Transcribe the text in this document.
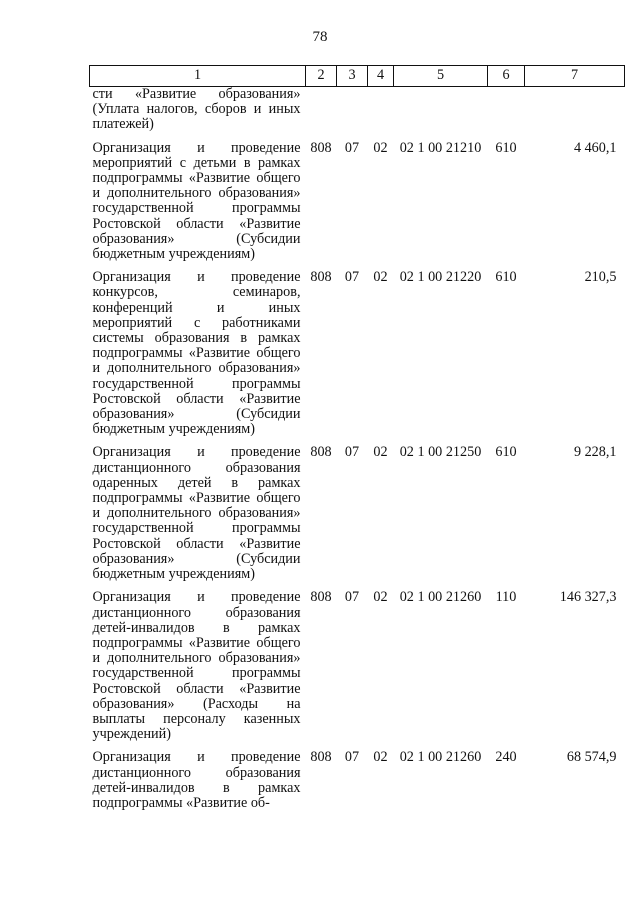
78
1	2	3	4	5	6	7
сти «Развитие образования» (Уплата налогов, сборов и иных платежей)						

Организация и проведение мероприятий с детьми в рамках подпрограммы «Развитие общего и дополнительного образования» государственной программы Ростовской области «Развитие образования» (Субсидии бюджетным учреждениям)	808	07	02	02 1 00 21210	610	4 460,1

Организация и проведение конкурсов, семинаров, конференций и иных мероприятий с работниками системы образования в рамках подпрограммы «Развитие общего и дополнительного образования» государственной программы Ростовской области «Развитие образования» (Субсидии бюджетным учреждениям)	808	07	02	02 1 00 21220	610	210,5

Организация и проведение дистанционного образования одаренных детей в рамках подпрограммы «Развитие общего и дополнительного образования» государственной программы Ростовской области «Развитие образования» (Субсидии бюджетным учреждениям)	808	07	02	02 1 00 21250	610	9 228,1

Организация и проведение дистанционного образования детей-инвалидов в рамках подпрограммы «Развитие общего и дополнительного образования» государственной программы Ростовской области «Развитие образования» (Расходы на выплаты персоналу казенных учреждений)	808	07	02	02 1 00 21260	110	146 327,3

Организация и проведение дистанционного образования детей-инвалидов в рамках подпрограммы «Развитие об-	808	07	02	02 1 00 21260	240	68 574,9
